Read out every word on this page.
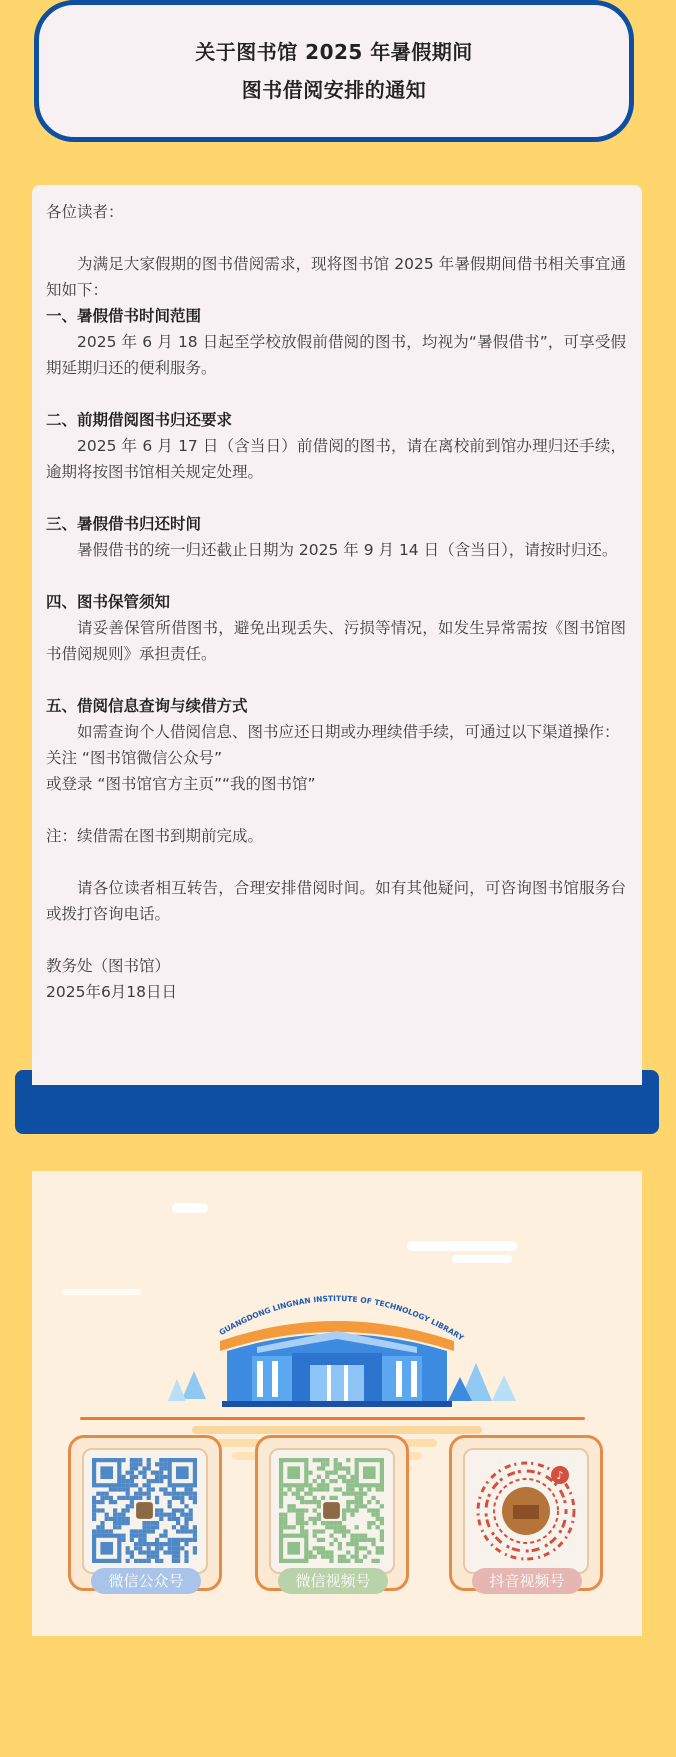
关于图书馆 2025 年暑假期间
图书借阅安排的通知

各位读者：

为满足大家假期的图书借阅需求，现将图书馆 2025 年暑假期间借书相关事宜通知如下：

一、暑假借书时间范围

2025 年 6 月 18 日起至学校放假前借阅的图书，均视为“暑假借书”，可享受假期延期归还的便利服务。

二、前期借阅图书归还要求

2025 年 6 月 17 日（含当日）前借阅的图书，请在离校前到馆办理归还手续，逾期将按图书馆相关规定处理。

三、暑假借书归还时间

暑假借书的统一归还截止日期为 2025 年 9 月 14 日（含当日），请按时归还。

四、图书保管须知

请妥善保管所借图书，避免出现丢失、污损等情况，如发生异常需按《图书馆图书借阅规则》承担责任。

五、借阅信息查询与续借方式

如需查询个人借阅信息、图书应还日期或办理续借手续，可通过以下渠道操作：

关注 “图书馆微信公众号”

或登录 “图书馆官方主页”“我的图书馆”

注：续借需在图书到期前完成。

请各位读者相互转告，合理安排借阅时间。如有其他疑问，可咨询图书馆服务台或拨打咨询电话。

教务处（图书馆）

2025年6月18日日

GUANGDONG LINGNAN INSTITUTE OF TECHNOLOGY LIBRARY
微信公众号	微信视频号
♪
抖音视频号
